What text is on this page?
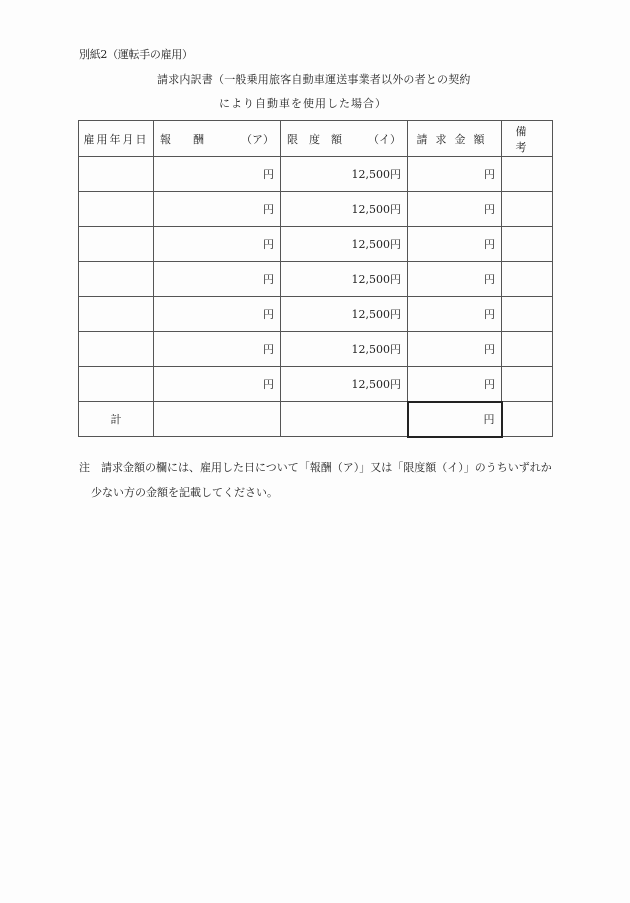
別紙2（運転手の雇用）
請求内訳書（一般乗用旅客自動車運送事業者以外の者との契約
により自動車を使用した場合）
雇用年月日	報　　酬 （ア）	限　度　額 （イ）	請求金額	備考
	円	12,500円	円	
	円	12,500円	円	
	円	12,500円	円	
	円	12,500円	円	
	円	12,500円	円	
	円	12,500円	円	
	円	12,500円	円	
計			円	
注 請求金額の欄には、雇用した日について「報酬（ア）」又は「限度額（イ）」のうちいずれか
少ない方の金額を記載してください。
